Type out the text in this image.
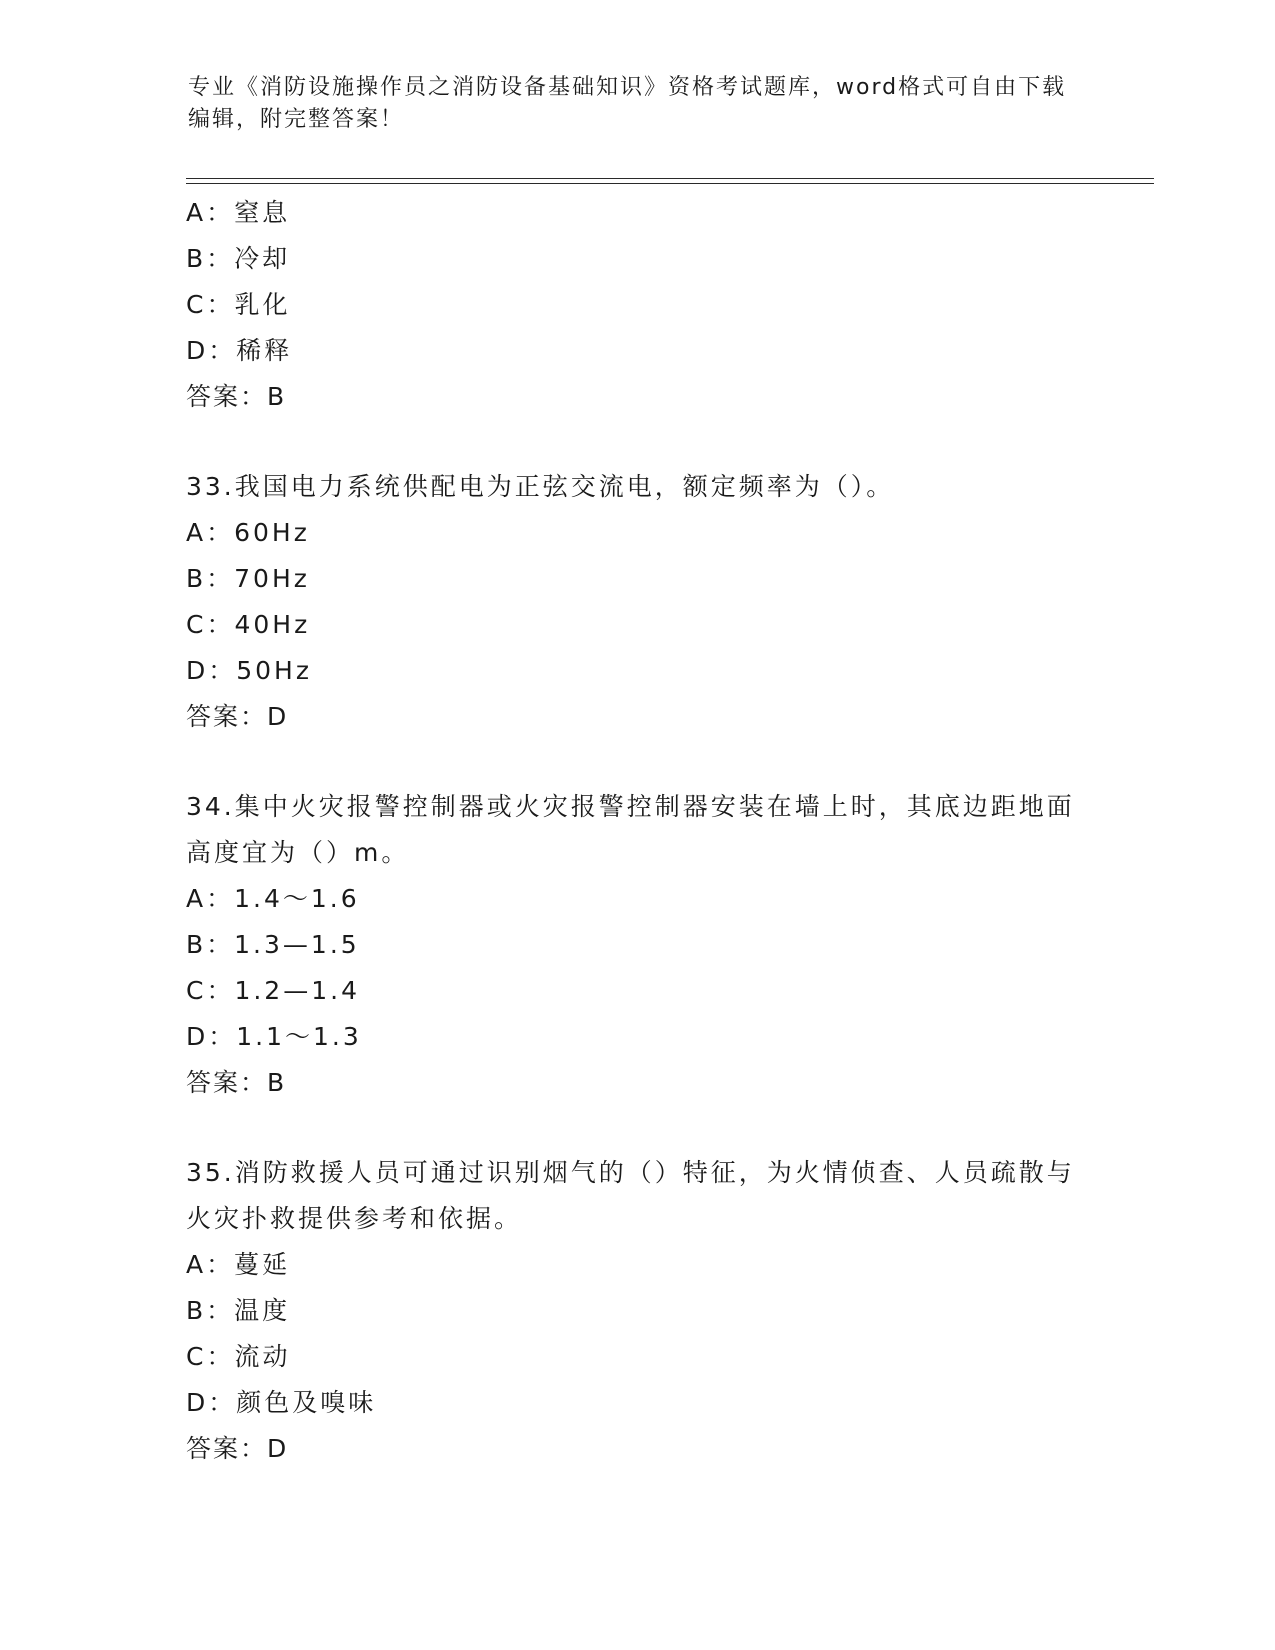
专业《消防设施操作员之消防设备基础知识》资格考试题库，word格式可自由下载编辑，附完整答案！
A：窒息
B：冷却
C：乳化
D：稀释
答案：B
33.我国电力系统供配电为正弦交流电，额定频率为（）。
A：60Hz
B：70Hz
C：40Hz
D：50Hz
答案：D
34.集中火灾报警控制器或火灾报警控制器安装在墙上时，其底边距地面高度宜为（）m。
A：1.4～1.6
B：1.3—1.5
C：1.2—1.4
D：1.1～1.3
答案：B
35.消防救援人员可通过识别烟气的（）特征，为火情侦查、人员疏散与火灾扑救提供参考和依据。
A：蔓延
B：温度
C：流动
D：颜色及嗅味
答案：D
